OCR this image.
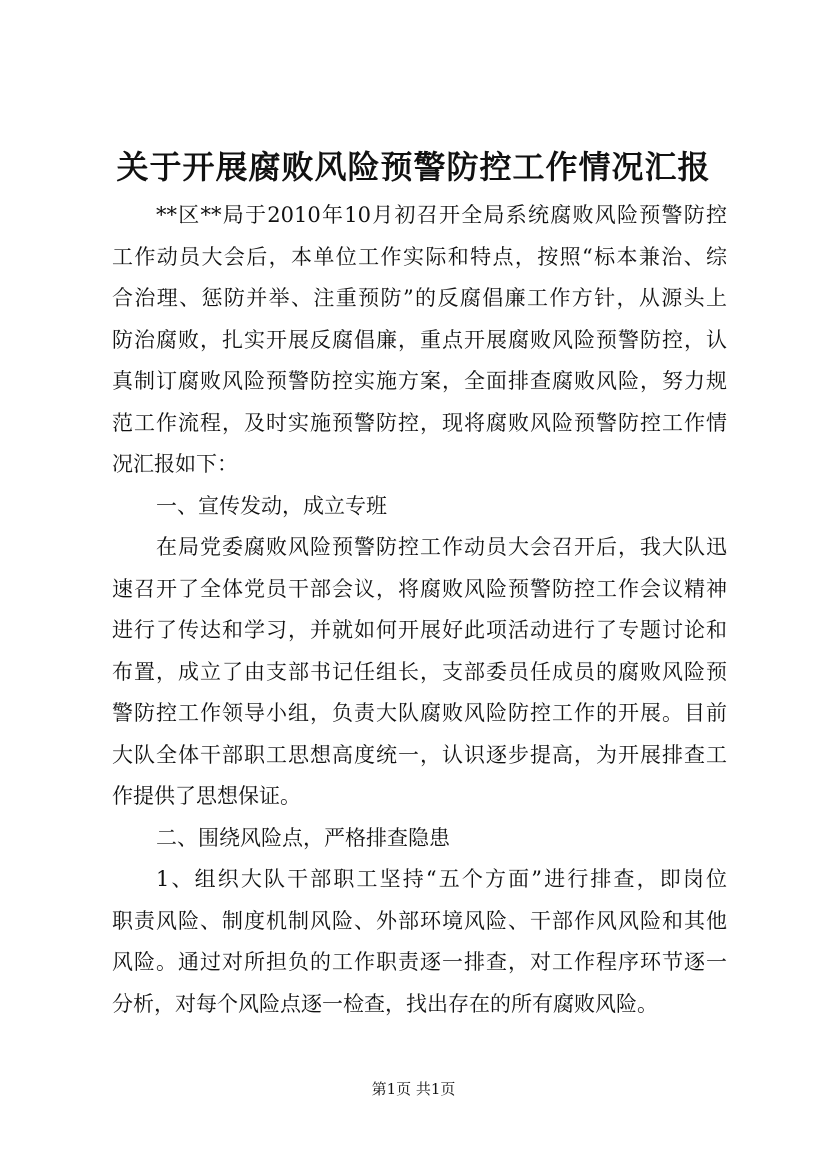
关于开展腐败风险预警防控工作情况汇报
**区**局于2010年10月初召开全局系统腐败风险预警防控
工作动员大会后，本单位工作实际和特点，按照“标本兼治、综
合治理、惩防并举、注重预防”的反腐倡廉工作方针，从源头上
防治腐败，扎实开展反腐倡廉，重点开展腐败风险预警防控，认
真制订腐败风险预警防控实施方案，全面排查腐败风险，努力规
范工作流程，及时实施预警防控，现将腐败风险预警防控工作情
况汇报如下：
一、宣传发动，成立专班
在局党委腐败风险预警防控工作动员大会召开后，我大队迅
速召开了全体党员干部会议，将腐败风险预警防控工作会议精神
进行了传达和学习，并就如何开展好此项活动进行了专题讨论和
布置，成立了由支部书记任组长，支部委员任成员的腐败风险预
警防控工作领导小组，负责大队腐败风险防控工作的开展。目前
大队全体干部职工思想高度统一，认识逐步提高，为开展排查工
作提供了思想保证。
二、围绕风险点，严格排查隐患
1、组织大队干部职工坚持“五个方面”进行排查，即岗位
职责风险、制度机制风险、外部环境风险、干部作风风险和其他
风险。通过对所担负的工作职责逐一排查，对工作程序环节逐一
分析，对每个风险点逐一检查，找出存在的所有腐败风险。
第1页 共1页
